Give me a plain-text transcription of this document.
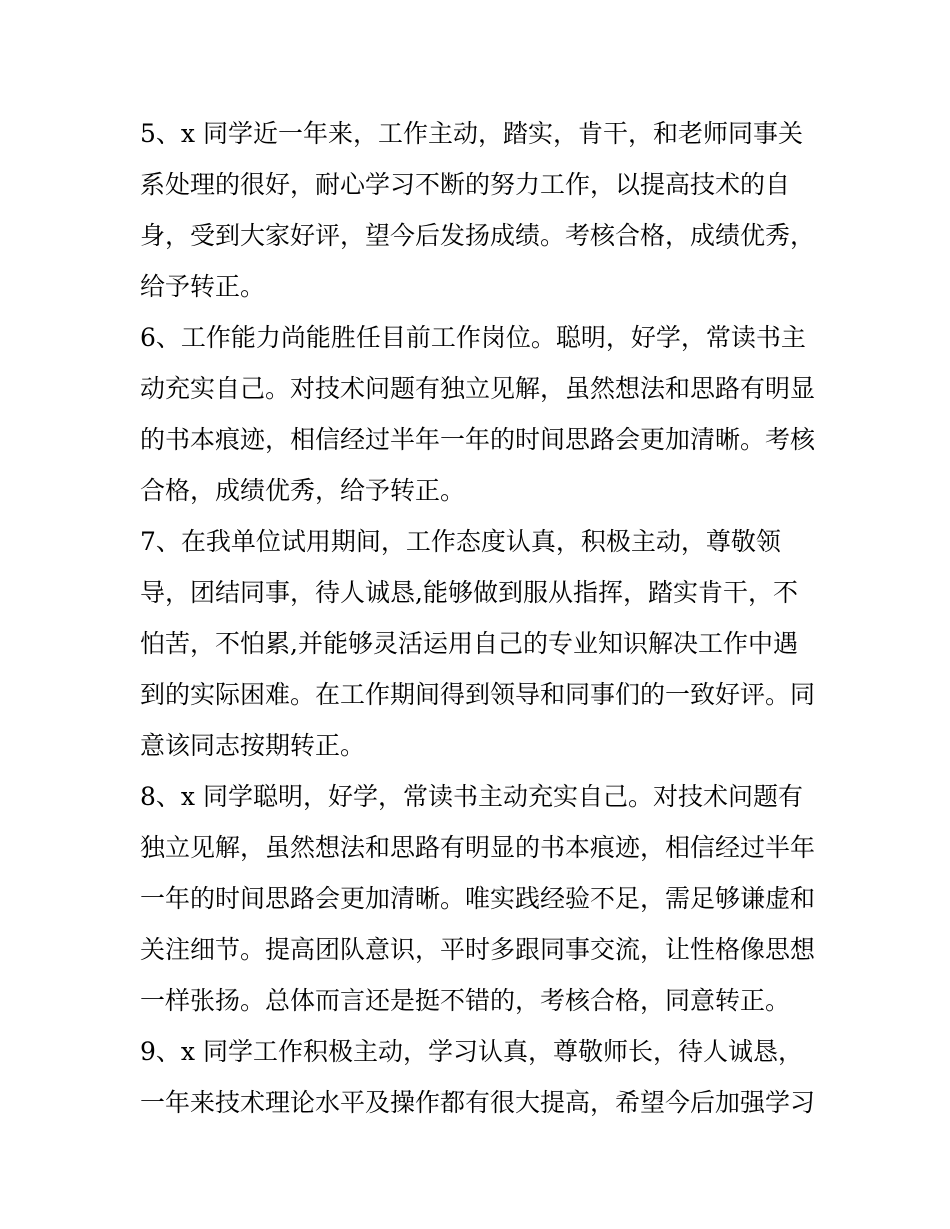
5、x 同学近一年来，工作主动，踏实，肯干，和老师同事关
系处理的很好，耐心学习不断的努力工作，以提高技术的自
身，受到大家好评，望今后发扬成绩。考核合格，成绩优秀，
给予转正。
6、工作能力尚能胜任目前工作岗位。聪明，好学，常读书主
动充实自己。对技术问题有独立见解，虽然想法和思路有明显
的书本痕迹，相信经过半年一年的时间思路会更加清晰。考核
合格，成绩优秀，给予转正。
7、在我单位试用期间，工作态度认真，积极主动，尊敬领
导，团结同事，待人诚恳,能够做到服从指挥，踏实肯干，不
怕苦，不怕累,并能够灵活运用自己的专业知识解决工作中遇
到的实际困难。在工作期间得到领导和同事们的一致好评。同
意该同志按期转正。
8、x 同学聪明，好学，常读书主动充实自己。对技术问题有
独立见解，虽然想法和思路有明显的书本痕迹，相信经过半年
一年的时间思路会更加清晰。唯实践经验不足，需足够谦虚和
关注细节。提高团队意识，平时多跟同事交流，让性格像思想
一样张扬。总体而言还是挺不错的，考核合格，同意转正。
9、x 同学工作积极主动，学习认真，尊敬师长，待人诚恳，
一年来技术理论水平及操作都有很大提高，希望今后加强学习
